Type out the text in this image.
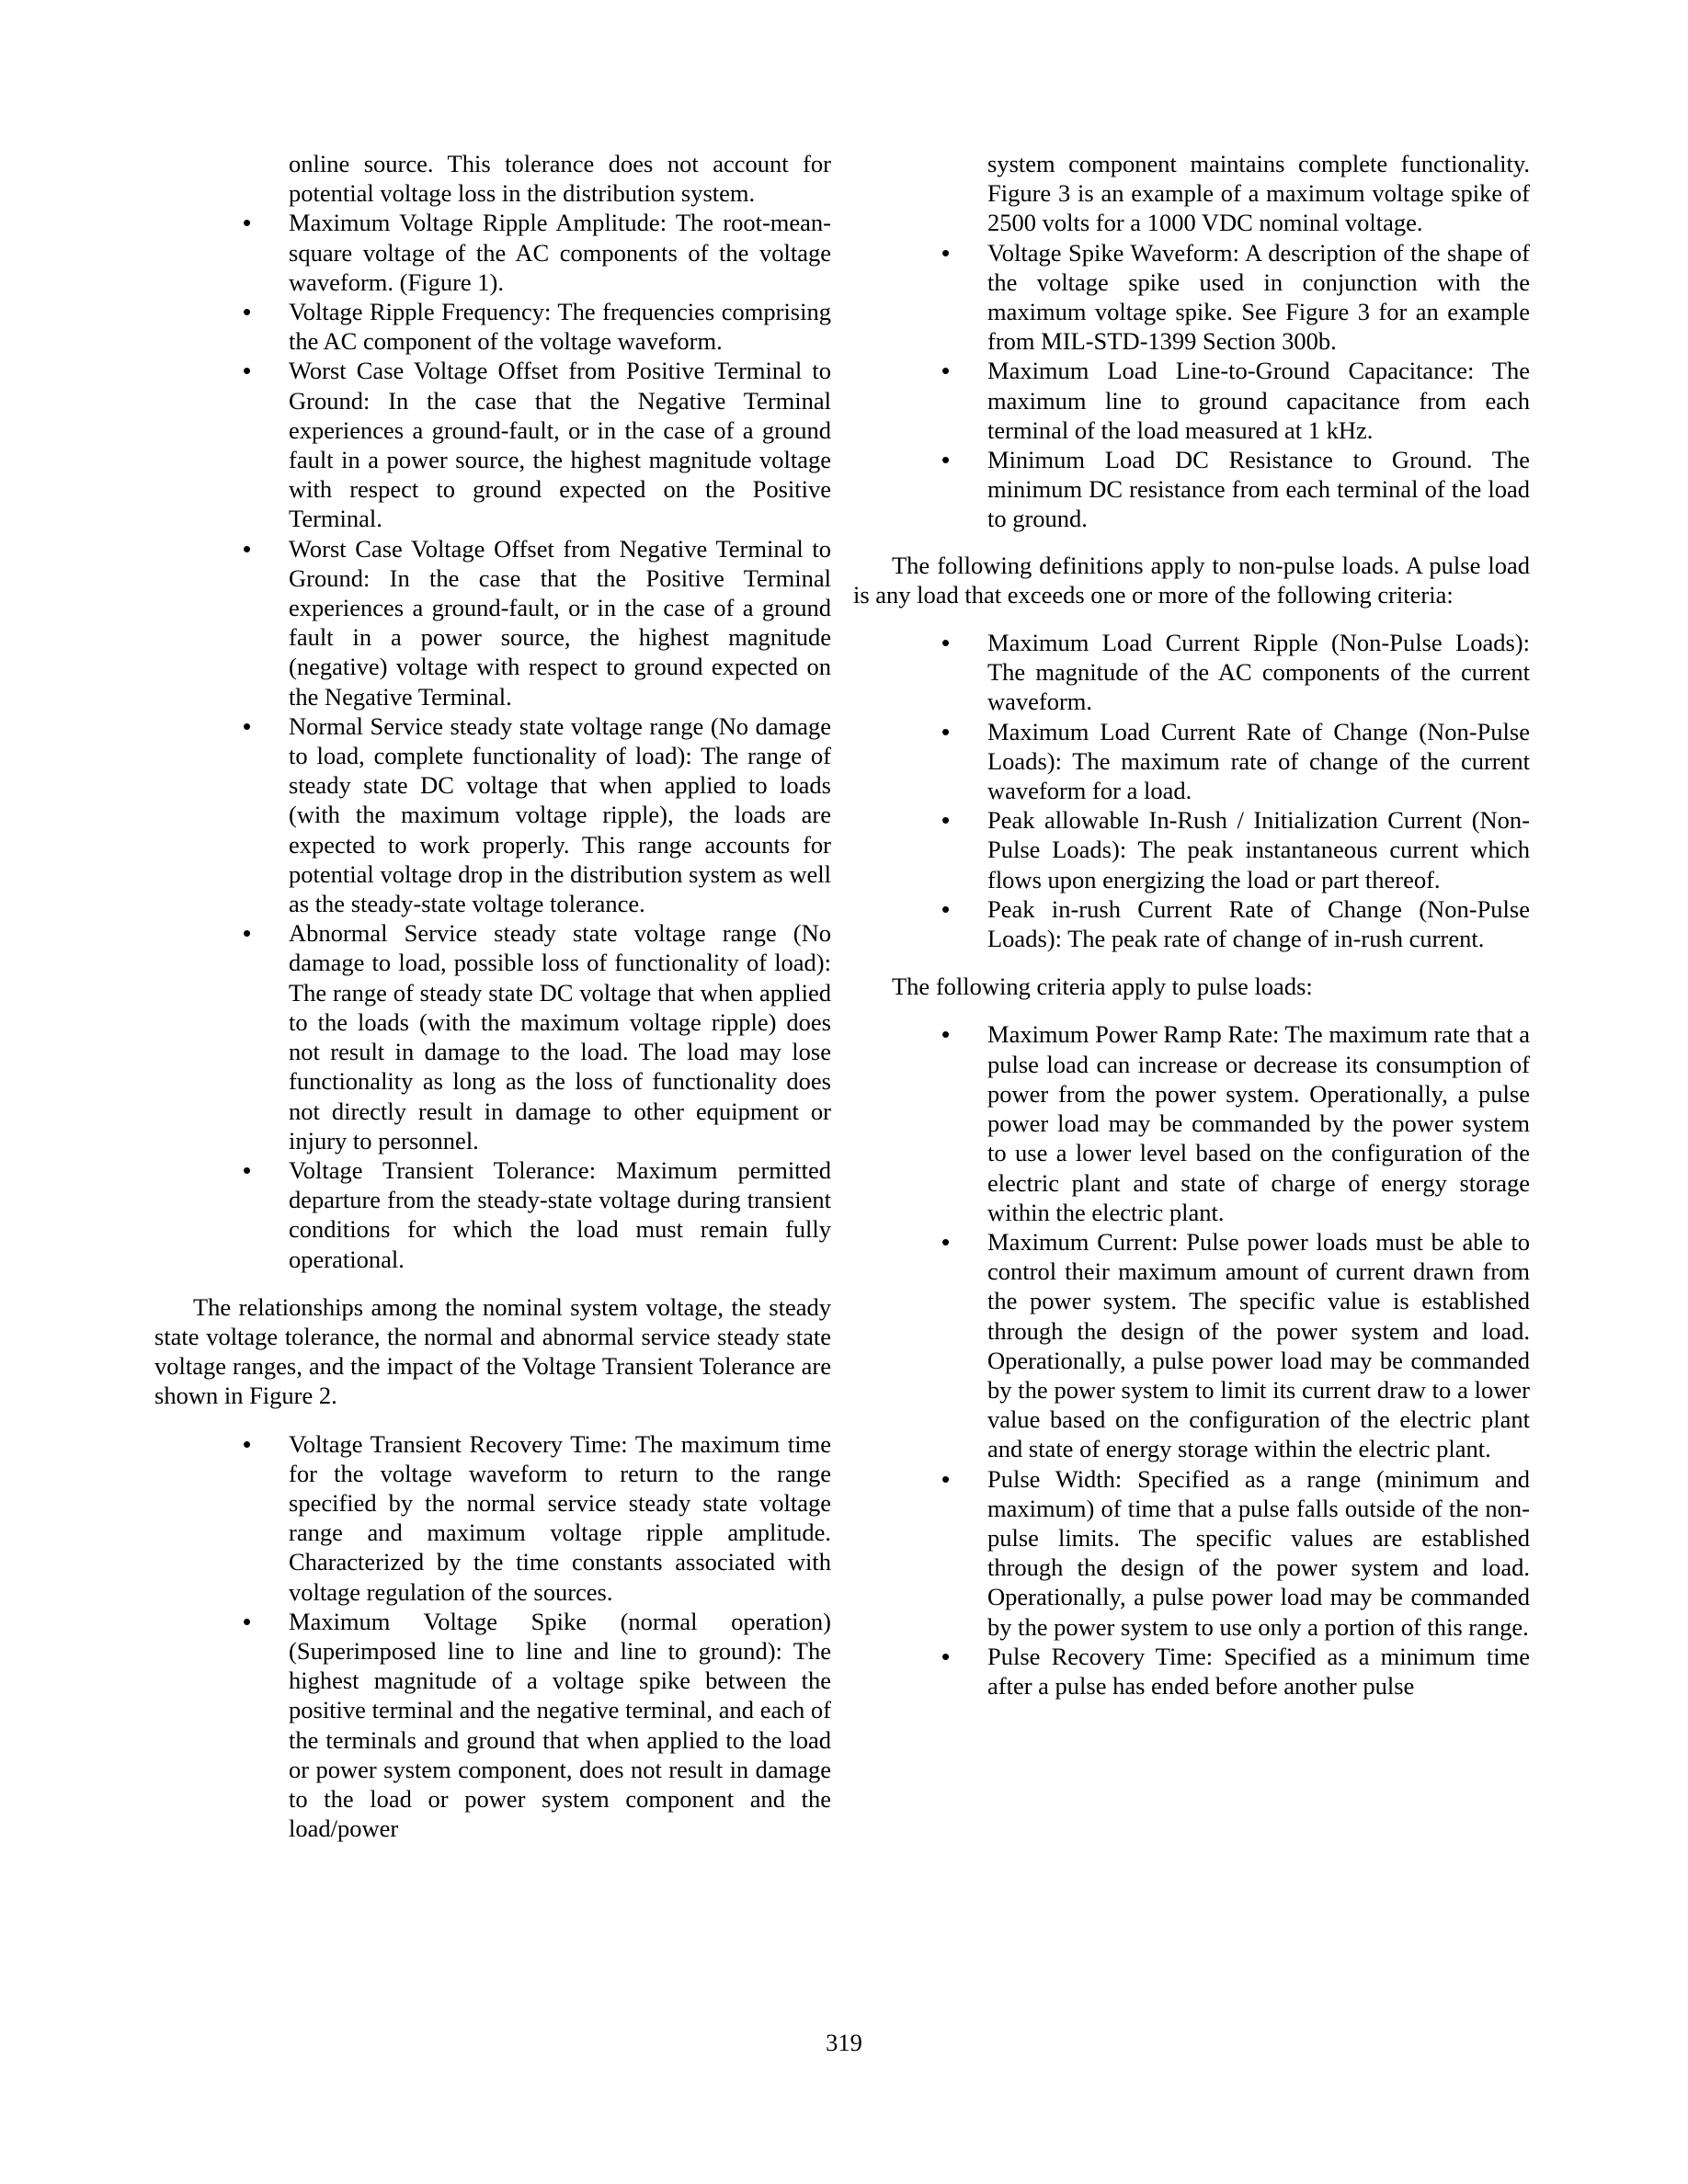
online source. This tolerance does not account for potential voltage loss in the distribution system.

• Maximum Voltage Ripple Amplitude: The root-mean-square voltage of the AC components of the voltage waveform. (Figure 1).
• Voltage Ripple Frequency: The frequencies comprising the AC component of the voltage waveform.
• Worst Case Voltage Offset from Positive Terminal to Ground: In the case that the Negative Terminal experiences a ground-fault, or in the case of a ground fault in a power source, the highest magnitude voltage with respect to ground expected on the Positive Terminal.
• Worst Case Voltage Offset from Negative Terminal to Ground: In the case that the Positive Terminal experiences a ground-fault, or in the case of a ground fault in a power source, the highest magnitude (negative) voltage with respect to ground expected on the Negative Terminal.
• Normal Service steady state voltage range (No damage to load, complete functionality of load): The range of steady state DC voltage that when applied to loads (with the maximum voltage ripple), the loads are expected to work properly. This range accounts for potential voltage drop in the distribution system as well as the steady-state voltage tolerance.
• Abnormal Service steady state voltage range (No damage to load, possible loss of functionality of load): The range of steady state DC voltage that when applied to the loads (with the maximum voltage ripple) does not result in damage to the load. The load may lose functionality as long as the loss of functionality does not directly result in damage to other equipment or injury to personnel.
• Voltage Transient Tolerance: Maximum permitted departure from the steady-state voltage during transient conditions for which the load must remain fully operational.

The relationships among the nominal system voltage, the steady state voltage tolerance, the normal and abnormal service steady state voltage ranges, and the impact of the Voltage Transient Tolerance are shown in Figure 2.

• Voltage Transient Recovery Time: The maximum time for the voltage waveform to return to the range specified by the normal service steady state voltage range and maximum voltage ripple amplitude. Characterized by the time constants associated with voltage regulation of the sources.
• Maximum Voltage Spike (normal operation) (Superimposed line to line and line to ground): The highest magnitude of a voltage spike between the positive terminal and the negative terminal, and each of the terminals and ground that when applied to the load or power system component, does not result in damage to the load or power system component and the load/power

system component maintains complete functionality. Figure 3 is an example of a maximum voltage spike of 2500 volts for a 1000 VDC nominal voltage.

• Voltage Spike Waveform: A description of the shape of the voltage spike used in conjunction with the maximum voltage spike. See Figure 3 for an example from MIL-STD-1399 Section 300b.
• Maximum Load Line-to-Ground Capacitance: The maximum line to ground capacitance from each terminal of the load measured at 1 kHz.
• Minimum Load DC Resistance to Ground. The minimum DC resistance from each terminal of the load to ground.

The following definitions apply to non-pulse loads. A pulse load is any load that exceeds one or more of the following criteria:

• Maximum Load Current Ripple (Non-Pulse Loads): The magnitude of the AC components of the current waveform.
• Maximum Load Current Rate of Change (Non-Pulse Loads): The maximum rate of change of the current waveform for a load.
• Peak allowable In-Rush / Initialization Current (Non-Pulse Loads): The peak instantaneous current which flows upon energizing the load or part thereof.
• Peak in-rush Current Rate of Change (Non-Pulse Loads): The peak rate of change of in-rush current.

The following criteria apply to pulse loads:

• Maximum Power Ramp Rate: The maximum rate that a pulse load can increase or decrease its consumption of power from the power system. Operationally, a pulse power load may be commanded by the power system to use a lower level based on the configuration of the electric plant and state of charge of energy storage within the electric plant.
• Maximum Current: Pulse power loads must be able to control their maximum amount of current drawn from the power system. The specific value is established through the design of the power system and load. Operationally, a pulse power load may be commanded by the power system to limit its current draw to a lower value based on the configuration of the electric plant and state of energy storage within the electric plant.
• Pulse Width: Specified as a range (minimum and maximum) of time that a pulse falls outside of the non-pulse limits. The specific values are established through the design of the power system and load. Operationally, a pulse power load may be commanded by the power system to use only a portion of this range.
• Pulse Recovery Time: Specified as a minimum time after a pulse has ended before another pulse
319
